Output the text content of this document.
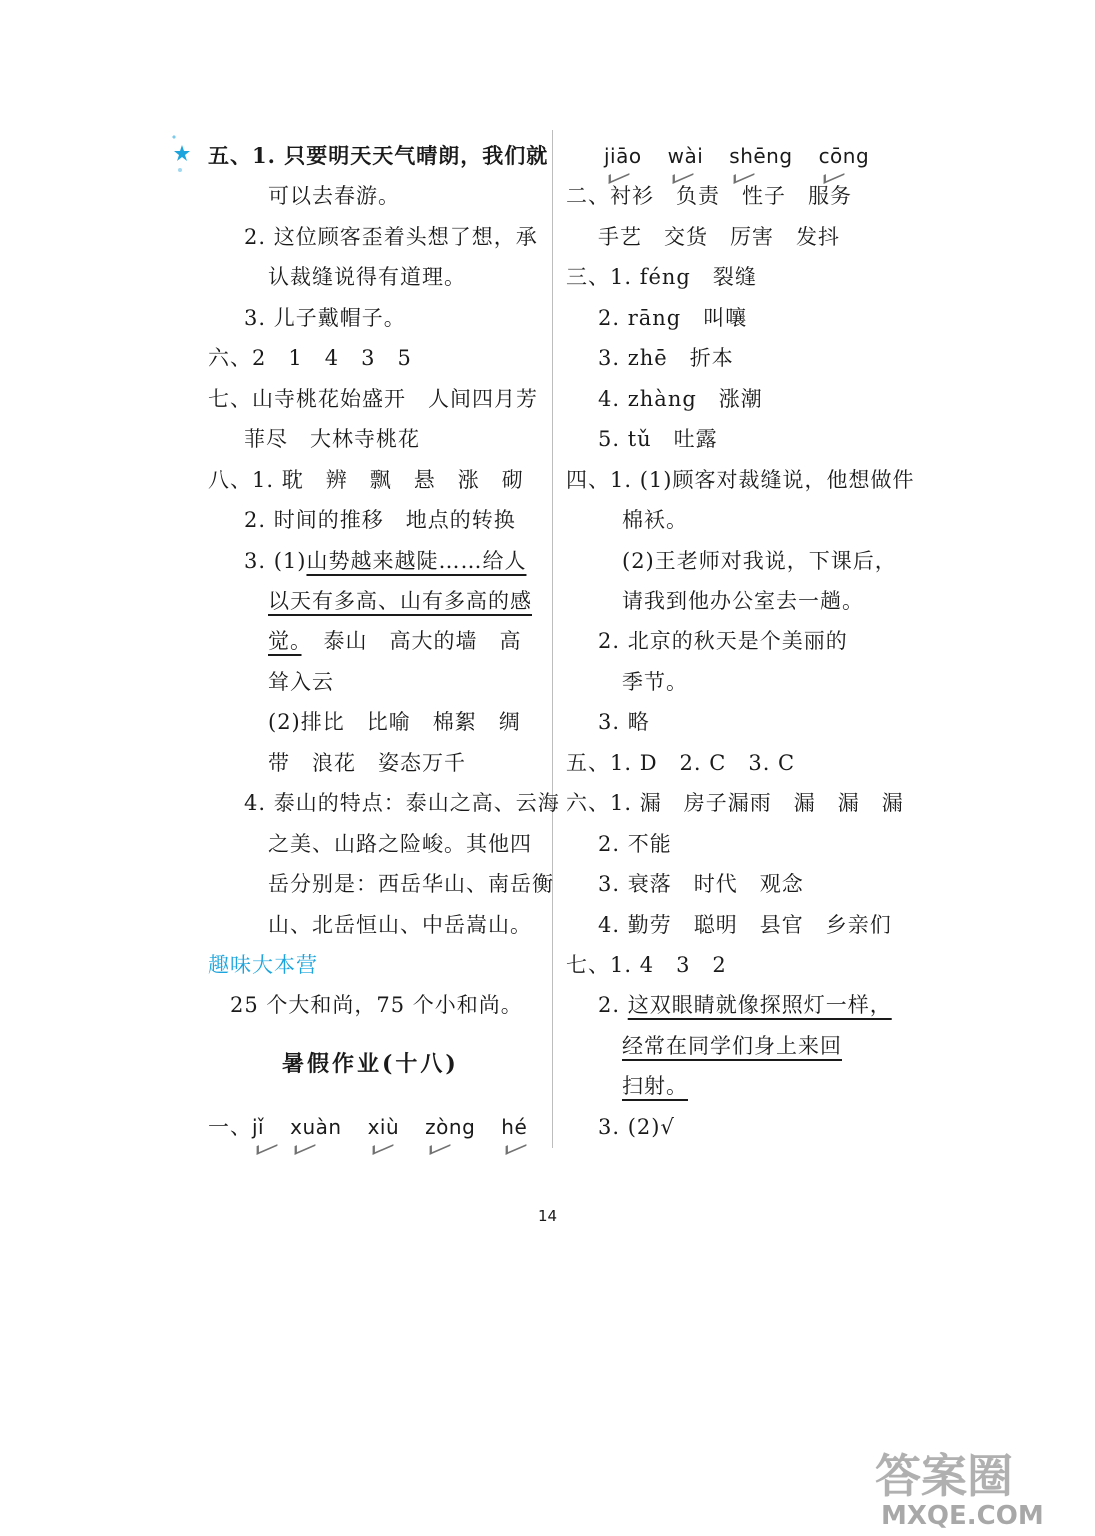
五、1. 只要明天天气晴朗，我们就
可以去春游。
2. 这位顾客歪着头想了想，承
认裁缝说得有道理。
3. 儿子戴帽子。
六、2　1　4　3　5
七、山寺桃花始盛开　人间四月芳
菲尽　大林寺桃花
八、1. 耽　辨　飘　悬　涨　砌
2. 时间的推移　地点的转换
3. (1)山势越来越陡……给人
以天有多高、山有多高的感
觉。　泰山　高大的墙　高
耸入云
(2)排比　比喻　棉絮　绸
带　浪花　姿态万千
4. 泰山的特点：泰山之高、云海
之美、山路之险峻。其他四
岳分别是：西岳华山、南岳衡
山、北岳恒山、中岳嵩山。
趣味大本营
25 个大和尚，75 个小和尚。
暑假作业(十八)
一、jǐ xuàn xiù zòng hé
jiāo wài shēng cōng
二、衬衫　负责　性子　服务
手艺　交货　厉害　发抖
三、1. féng　裂缝
2. rāng　叫嚷
3. zhē　折本
4. zhàng　涨潮
5. tǔ　吐露
四、1. (1)顾客对裁缝说，他想做件
棉袄。
(2)王老师对我说，下课后，
请我到他办公室去一趟。
2. 北京的秋天是个美丽的
季节。
3. 略
五、1. D　2. C　3. C
六、1. 漏　房子漏雨　漏　漏　漏
2. 不能
3. 衰落　时代　观念
4. 勤劳　聪明　县官　乡亲们
七、1. 4　3　2
2. 这双眼睛就像探照灯一样，
经常在同学们身上来回
扫射。
3. (2)√
14
答案圈
MXQE.COM
